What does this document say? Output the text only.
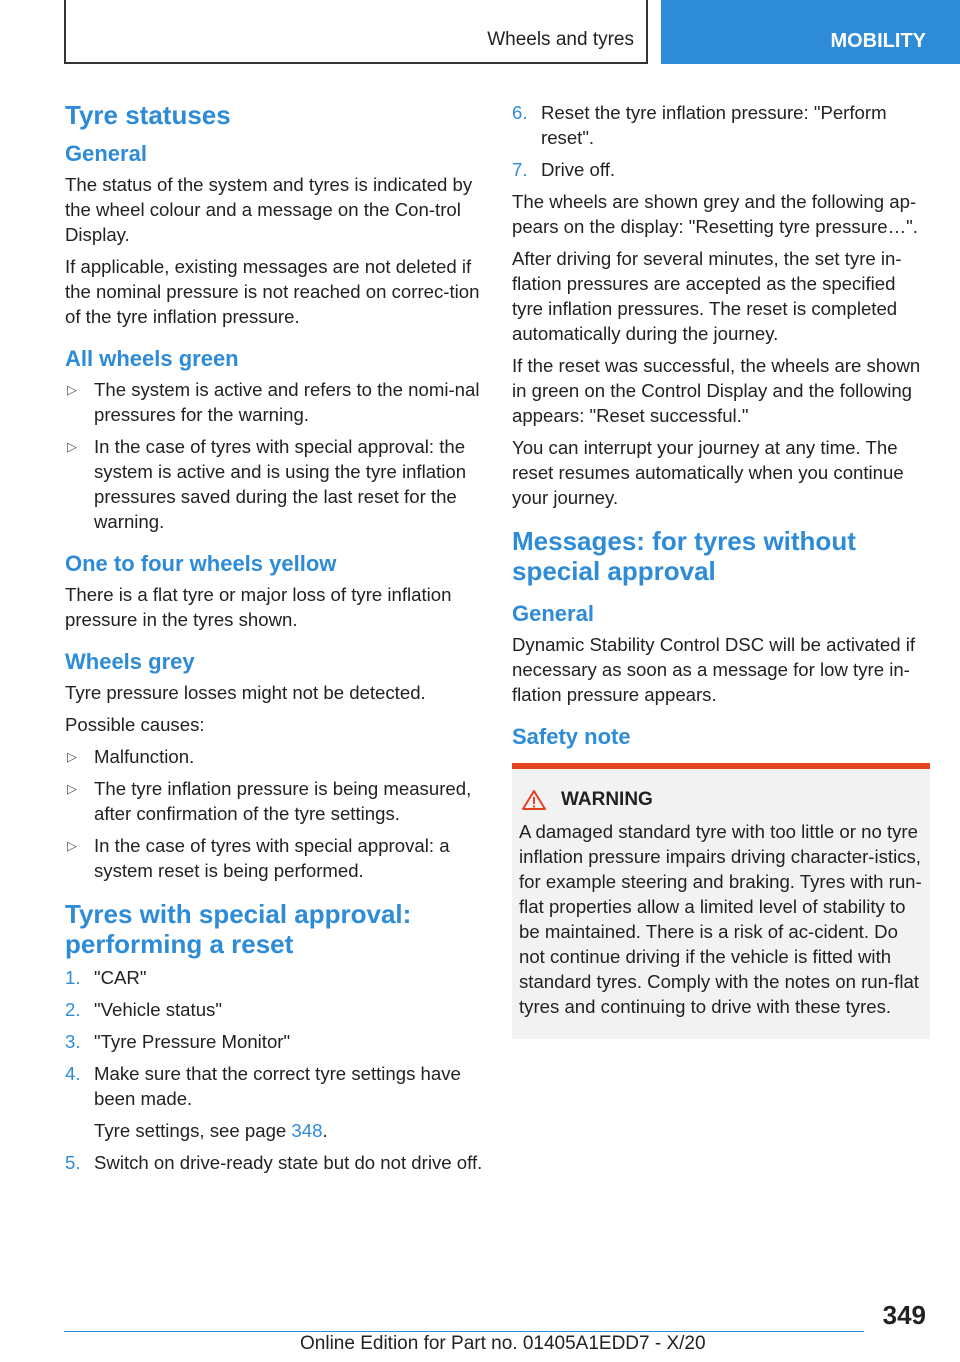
Wheels and tyres	MOBILITY
Tyre statuses
General

The status of the system and tyres is indicated by the wheel colour and a message on the Con‐trol Display.

If applicable, existing messages are not deleted if the nominal pressure is not reached on correc‐tion of the tyre inflation pressure.

All wheels green
▷ The system is active and refers to the nomi‐nal pressures for the warning.
▷ In the case of tyres with special approval: the system is active and is using the tyre inflation pressures saved during the last reset for the warning.
One to four wheels yellow

There is a flat tyre or major loss of tyre inflation pressure in the tyres shown.

Wheels grey

Tyre pressure losses might not be detected.

Possible causes:

▷ Malfunction.
▷ The tyre inflation pressure is being measured, after confirmation of the tyre settings.
▷ In the case of tyres with special approval: a system reset is being performed.
Tyres with special approval: performing a reset
1. "CAR"
2. "Vehicle status"
3. "Tyre Pressure Monitor"
4. Make sure that the correct tyre settings have been made.
Tyre settings, see page 348.
5. Switch on drive-ready state but do not drive off.
6. Reset the tyre inflation pressure: "Perform reset".
7. Drive off.

The wheels are shown grey and the following ap‐pears on the display: "Resetting tyre pressure…".

After driving for several minutes, the set tyre in‐flation pressures are accepted as the specified tyre inflation pressures. The reset is completed automatically during the journey.

If the reset was successful, the wheels are shown in green on the Control Display and the following appears: "Reset successful."

You can interrupt your journey at any time. The reset resumes automatically when you continue your journey.

Messages: for tyres without special approval
General

Dynamic Stability Control DSC will be activated if necessary as soon as a message for low tyre in‐flation pressure appears.

Safety note
WARNING

A damaged standard tyre with too little or no tyre inflation pressure impairs driving character‐istics, for example steering and braking. Tyres with run-flat properties allow a limited level of stability to be maintained. There is a risk of ac‐cident. Do not continue driving if the vehicle is fitted with standard tyres. Comply with the notes on run-flat tyres and continuing to drive with these tyres.

349
Online Edition for Part no. 01405A1EDD7 - X/20
